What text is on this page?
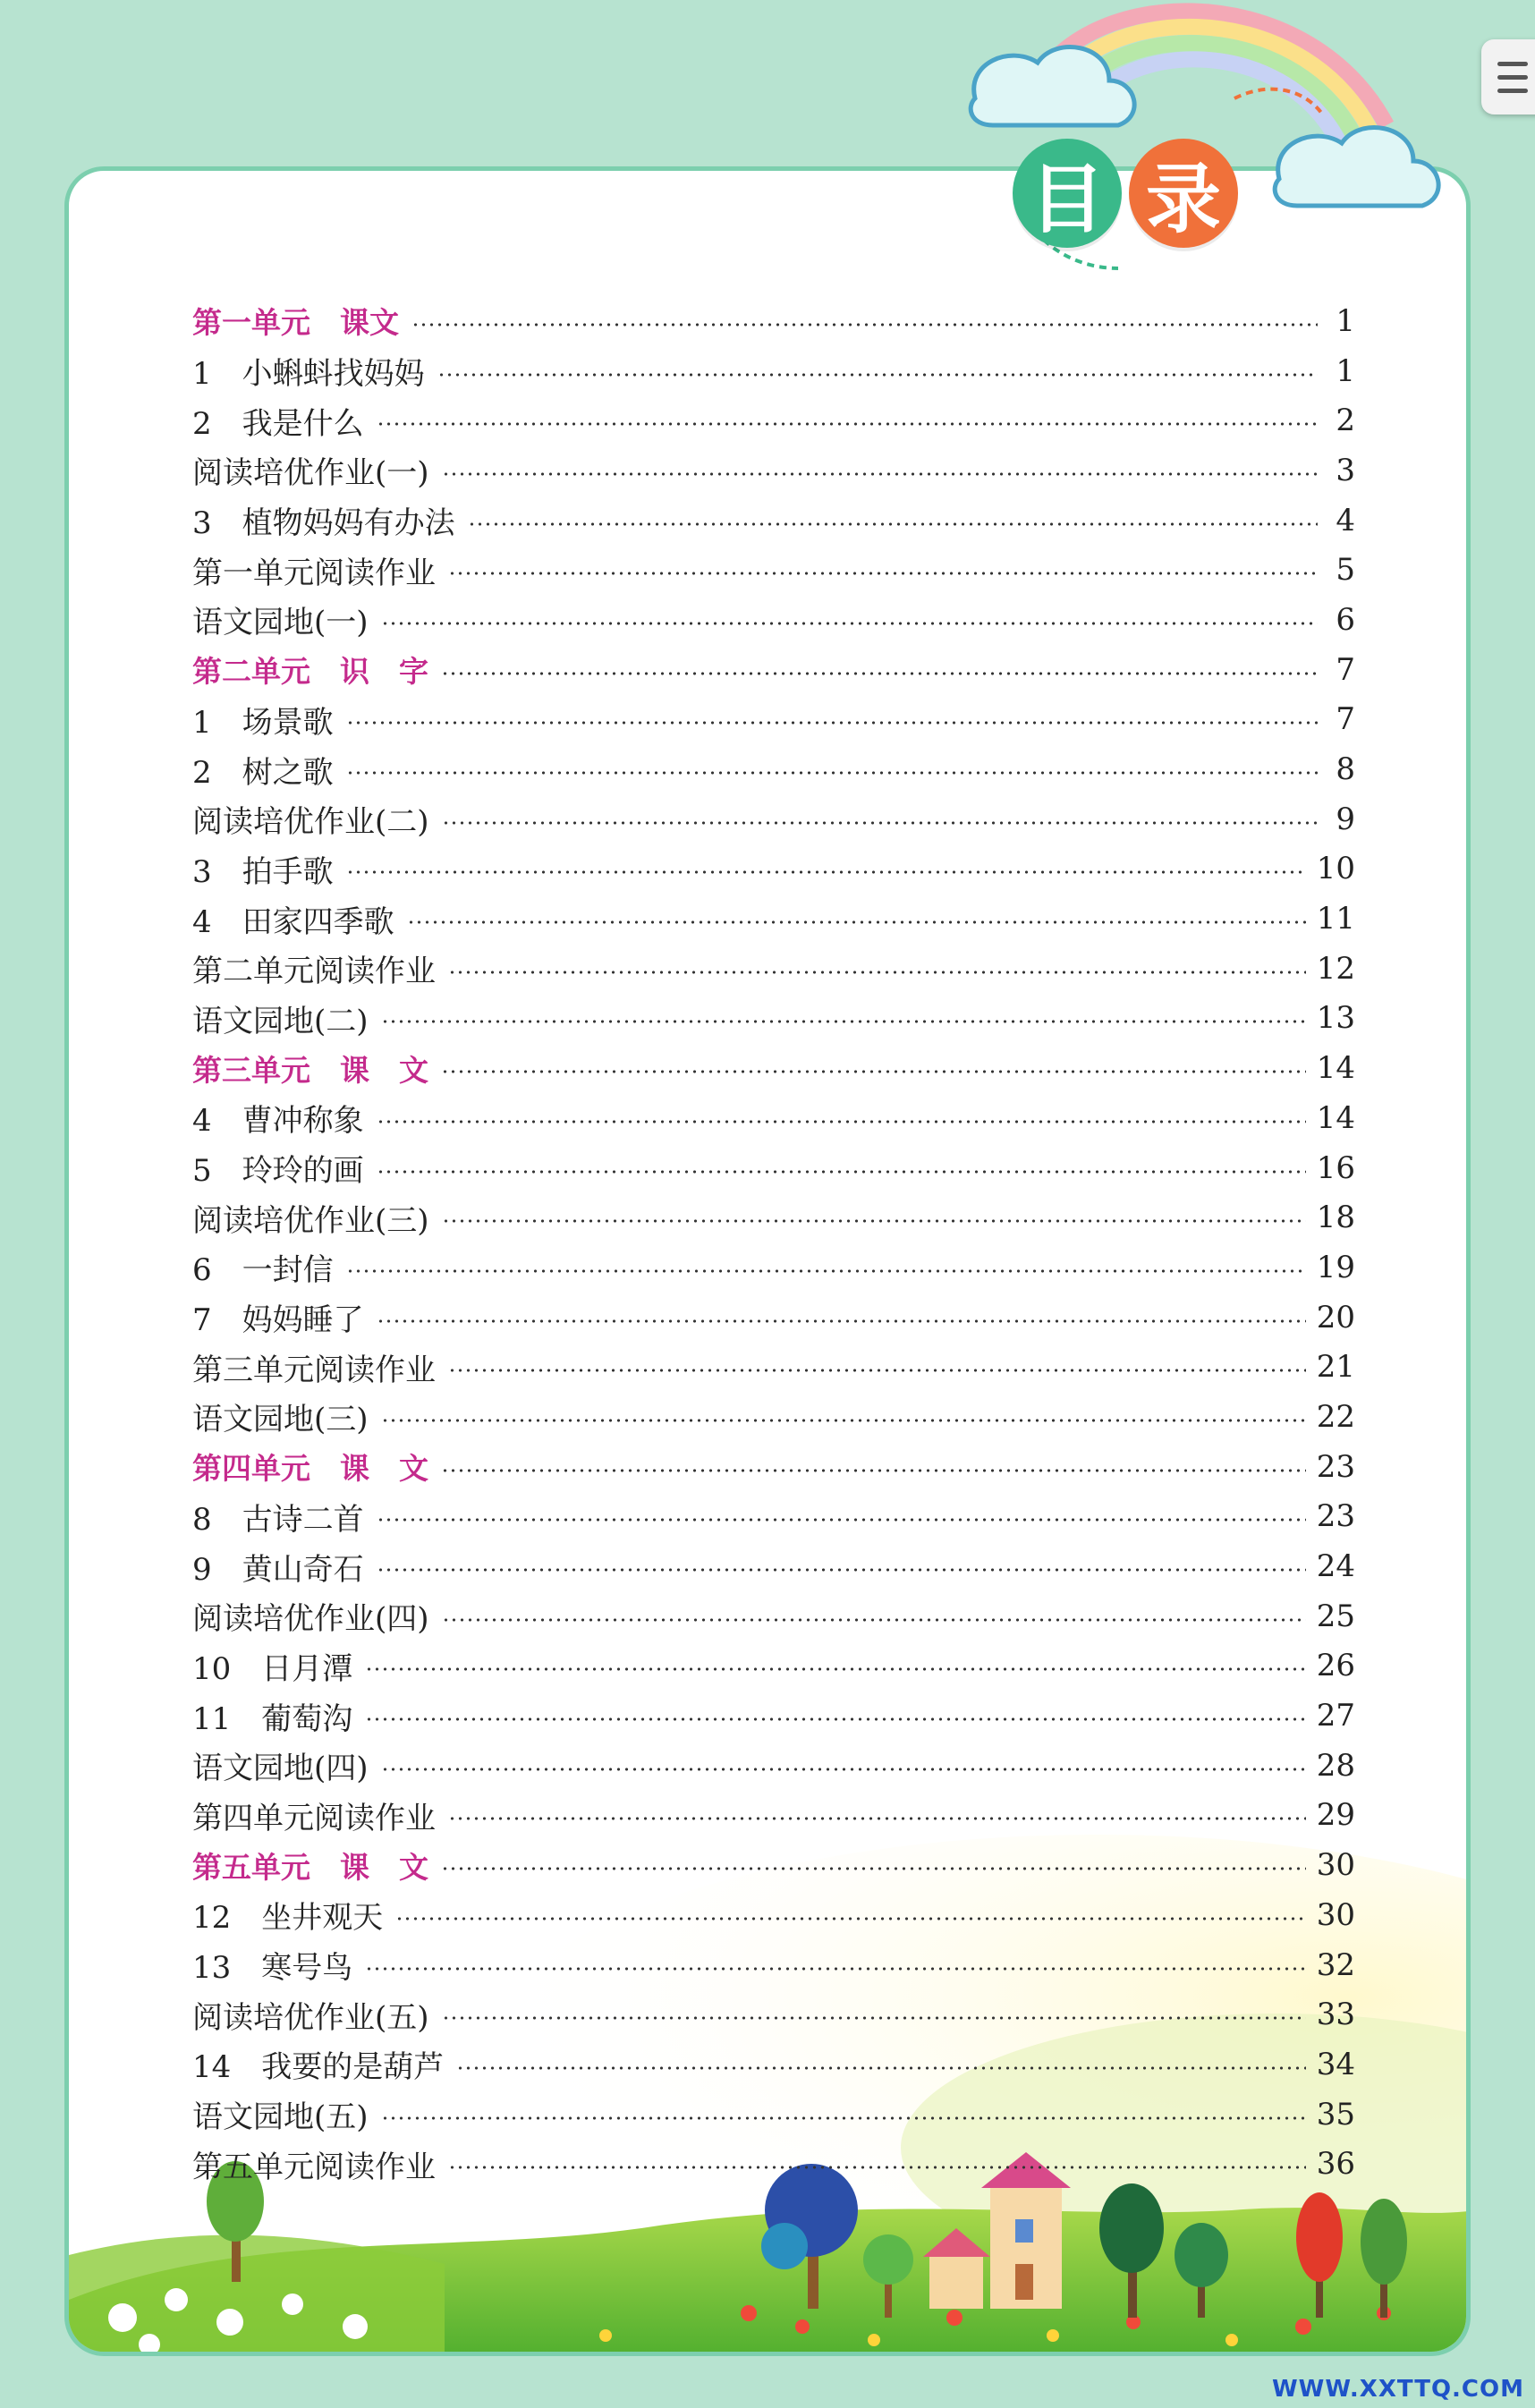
第一单元　课文	1
1　小蝌蚪找妈妈	1
2　我是什么	2
阅读培优作业(一)	3
3　植物妈妈有办法	4
第一单元阅读作业	5
语文园地(一)	6
第二单元　识　字	7
1　场景歌	7
2　树之歌	8
阅读培优作业(二)	9
3　拍手歌	10
4　田家四季歌	11
第二单元阅读作业	12
语文园地(二)	13
第三单元　课　文	14
4　曹冲称象	14
5　玲玲的画	16
阅读培优作业(三)	18
6　一封信	19
7　妈妈睡了	20
第三单元阅读作业	21
语文园地(三)	22
第四单元　课　文	23
8　古诗二首	23
9　黄山奇石	24
阅读培优作业(四)	25
10　日月潭	26
11　葡萄沟	27
语文园地(四)	28
第四单元阅读作业	29
第五单元　课　文	30
12　坐井观天	30
13　寒号鸟	32
阅读培优作业(五)	33
14　我要的是葫芦	34
语文园地(五)	35
第五单元阅读作业	36
目 录
WWW.XXTTQ.COM
